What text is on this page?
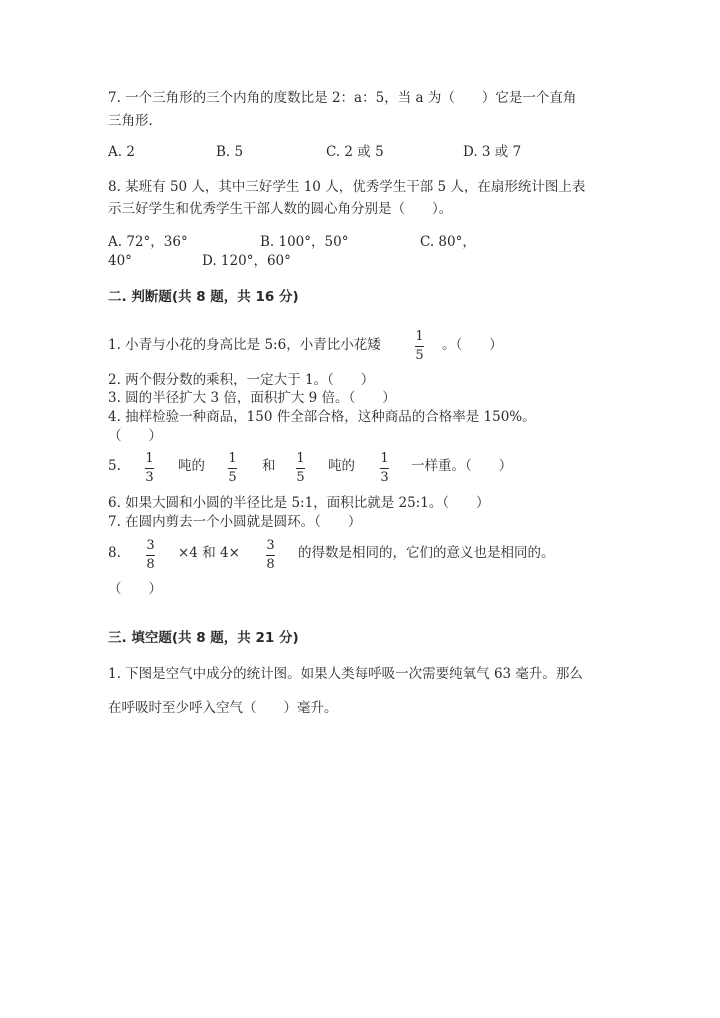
7. 一个三角形的三个内角的度数比是 2：a：5，当 a 为（　　）它是一个直角
三角形.
A. 2	B. 5	C. 2 或 5	D. 3 或 7
8. 某班有 50 人，其中三好学生 10 人，优秀学生干部 5 人，在扇形统计图上表
示三好学生和优秀学生干部人数的圆心角分别是（　　）。
A. 72°，36°	B. 100°，50°	C. 80°，
40°	D. 120°，60°
二. 判断题(共 8 题，共 16 分)
1. 小青与小花的身高比是 5:6，小青比小花矮
1
5
。（　　）
2. 两个假分数的乘积，一定大于 1。（　　）
3. 圆的半径扩大 3 倍，面积扩大 9 倍。（　　）
4. 抽样检验一种商品，150 件全部合格，这种商品的合格率是 150%。
（　　）
5. 1
3
吨的 1
5
和 1
5
吨的 1
3
一样重。（　　）
6. 如果大圆和小圆的半径比是 5:1，面积比就是 25:1。（　　）
7. 在圆内剪去一个小圆就是圆环。（　　）
8. 3
8
×4 和 4× 3
8
的得数是相同的，它们的意义也是相同的。
（　　）
三. 填空题(共 8 题，共 21 分)
1. 下图是空气中成分的统计图。如果人类每呼吸一次需要纯氧气 63 毫升。那么
在呼吸时至少呼入空气（　　）毫升。
